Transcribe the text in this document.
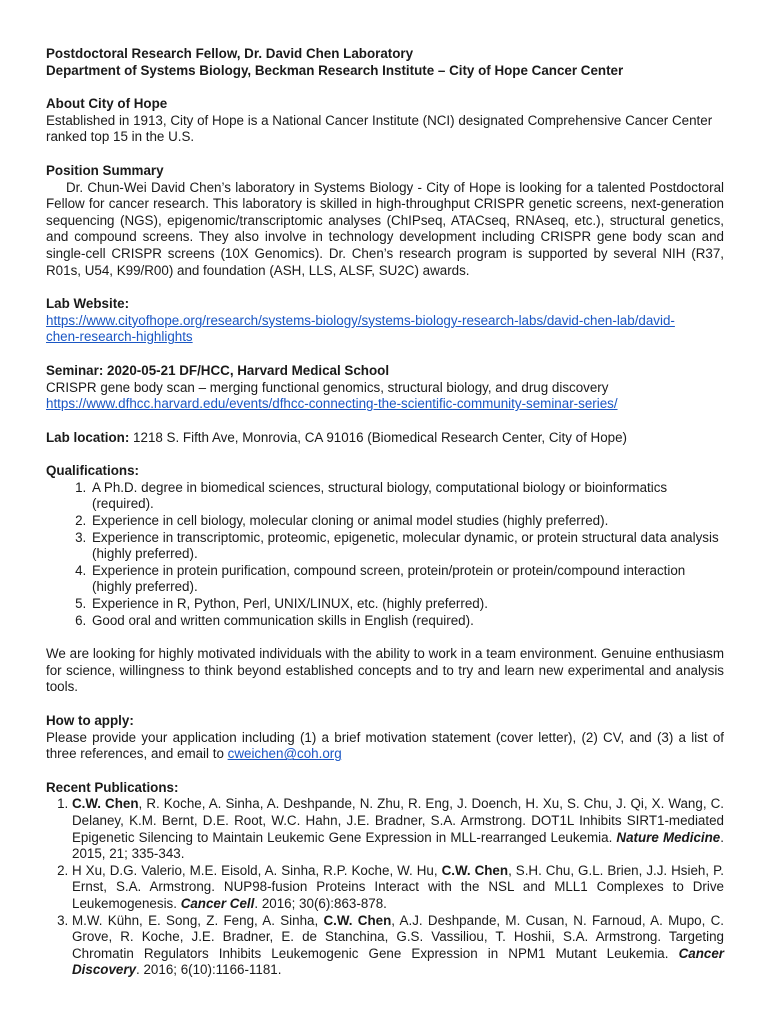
Postdoctoral Research Fellow, Dr. David Chen Laboratory
Department of Systems Biology, Beckman Research Institute – City of Hope Cancer Center
About City of Hope

Established in 1913, City of Hope is a National Cancer Institute (NCI) designated Comprehensive Cancer Center ranked top 15 in the U.S.

Position Summary

Dr. Chun-Wei David Chen’s laboratory in Systems Biology - City of Hope is looking for a talented Postdoctoral Fellow for cancer research. This laboratory is skilled in high-throughput CRISPR genetic screens, next-generation sequencing (NGS), epigenomic/transcriptomic analyses (ChIPseq, ATACseq, RNAseq, etc.), structural genetics, and compound screens. They also involve in technology development including CRISPR gene body scan and single-cell CRISPR screens (10X Genomics). Dr. Chen’s research program is supported by several NIH (R37, R01s, U54, K99/R00) and foundation (ASH, LLS, ALSF, SU2C) awards.

Lab Website:
https://www.cityofhope.org/research/systems-biology/systems-biology-research-labs/david-chen-lab/david-
chen-research-highlights
Seminar: 2020-05-21 DF/HCC, Harvard Medical School
CRISPR gene body scan – merging functional genomics, structural biology, and drug discovery
https://www.dfhcc.harvard.edu/events/dfhcc-connecting-the-scientific-community-seminar-series/
Lab location: 1218 S. Fifth Ave, Monrovia, CA 91016 (Biomedical Research Center, City of Hope)
Qualifications:
1. A Ph.D. degree in biomedical sciences, structural biology, computational biology or bioinformatics (required).
2. Experience in cell biology, molecular cloning or animal model studies (highly preferred).
3. Experience in transcriptomic, proteomic, epigenetic, molecular dynamic, or protein structural data analysis (highly preferred).
4. Experience in protein purification, compound screen, protein/protein or protein/compound interaction (highly preferred).
5. Experience in R, Python, Perl, UNIX/LINUX, etc. (highly preferred).
6. Good oral and written communication skills in English (required).

We are looking for highly motivated individuals with the ability to work in a team environment. Genuine enthusiasm for science, willingness to think beyond established concepts and to try and learn new experimental and analysis tools.

How to apply:

Please provide your application including (1) a brief motivation statement (cover letter), (2) CV, and (3) a list of three references, and email to cweichen@coh.org

Recent Publications:
1. C.W. Chen, R. Koche, A. Sinha, A. Deshpande, N. Zhu, R. Eng, J. Doench, H. Xu, S. Chu, J. Qi, X. Wang, C. Delaney, K.M. Bernt, D.E. Root, W.C. Hahn, J.E. Bradner, S.A. Armstrong. DOT1L Inhibits SIRT1-mediated Epigenetic Silencing to Maintain Leukemic Gene Expression in MLL-rearranged Leukemia. Nature Medicine. 2015, 21; 335-343.
2. H Xu, D.G. Valerio, M.E. Eisold, A. Sinha, R.P. Koche, W. Hu, C.W. Chen, S.H. Chu, G.L. Brien, J.J. Hsieh, P. Ernst, S.A. Armstrong. NUP98-fusion Proteins Interact with the NSL and MLL1 Complexes to Drive Leukemogenesis. Cancer Cell. 2016; 30(6):863-878.
3. M.W. Kühn, E. Song, Z. Feng, A. Sinha, C.W. Chen, A.J. Deshpande, M. Cusan, N. Farnoud, A. Mupo, C. Grove, R. Koche, J.E. Bradner, E. de Stanchina, G.S. Vassiliou, T. Hoshii, S.A. Armstrong. Targeting Chromatin Regulators Inhibits Leukemogenic Gene Expression in NPM1 Mutant Leukemia. Cancer Discovery. 2016; 6(10):1166-1181.
